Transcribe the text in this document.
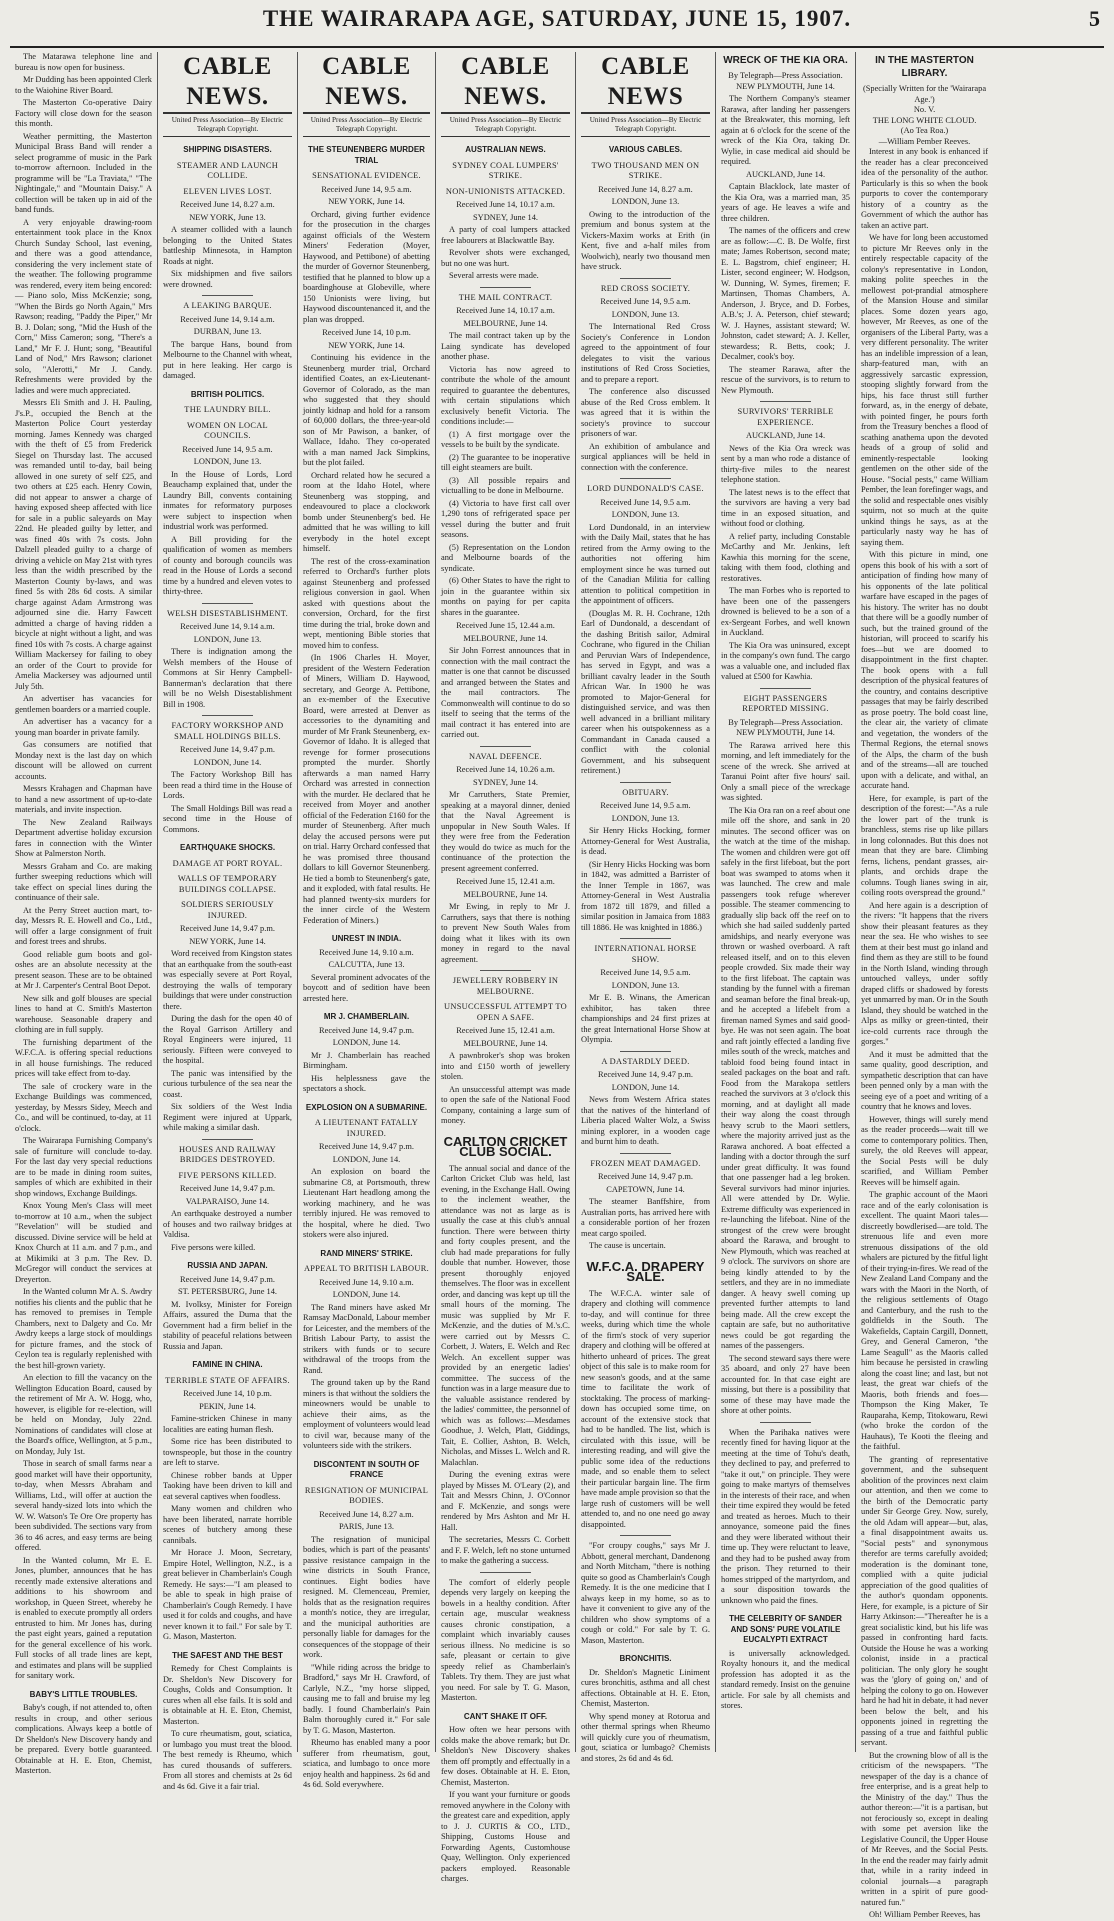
THE WAIRARAPA AGE, SATURDAY, JUNE 15, 1907.	5

The Matarawa telephone line and bureau is now open for business.

Mr Dudding has been appointed Clerk to the Waiohine River Board.

The Masterton Co-operative Dairy Factory will close down for the season this month.

Weather permitting, the Masterton Municipal Brass Band will render a select programme of music in the Park to-morrow afternoon. Included in the programme will be "La Traviata," "The Nightingale," and "Mountain Daisy." A collection will be taken up in aid of the band funds.

A very enjoyable drawing-room entertainment took place in the Knox Church Sunday School, last evening, and there was a good attendance, considering the very inclement state of the weather. The following programme was rendered, every item being encored:— Piano solo, Miss McKenzie; song, "When the Birds go North Again," Mrs Rawson; reading, "Paddy the Piper," Mr B. J. Dolan; song, "Mid the Hush of the Corn," Miss Cameron; song, "There's a Land," Mr F. J. Hunt; song, "Beautiful Land of Nod," Mrs Rawson; clarionet solo, "Alerotti," Mr J. Candy. Refreshments were provided by the ladies and were much appreciated.

Messrs Eli Smith and J. H. Pauling, J's.P., occupied the Bench at the Masterton Police Court yesterday morning. James Kennedy was charged with the theft of £5 from Frederick Siegel on Thursday last. The accused was remanded until to-day, bail being allowed in one surety of self £25, and two others at £25 each. Henry Cowin, did not appear to answer a charge of having exposed sheep affected with lice for sale in a public saleyards on May 22nd. He pleaded guilty by letter, and was fined 40s with 7s costs. John Dalzell pleaded guilty to a charge of driving a vehicle on May 21st with tyres less than the width prescribed by the Masterton County by-laws, and was fined 5s with 28s 6d costs. A similar charge against Adam Armstrong was adjourned sine die. Harry Fawcett admitted a charge of having ridden a bicycle at night without a light, and was fined 10s with 7s costs. A charge against William Mackersey for failing to obey an order of the Court to provide for Amelia Mackersey was adjourned until July 5th.

An advertiser has vacancies for gentlemen boarders or a married couple.

An advertiser has a vacancy for a young man boarder in private family.

Gas consumers are notified that Monday next is the last day on which discount will be allowed on current accounts.

Messrs Krahagen and Chapman have to hand a new assortment of up-to-date materials, and invite inspection.

The New Zealand Railways Department advertise holiday excursion fares in connection with the Winter Show at Palmerston North.

Messrs Graham and Co. are making further sweeping reductions which will take effect on special lines during the continuance of their sale.

At the Perry Street auction mart, to-day, Messrs R. E. Howell and Co., Ltd., will offer a large consignment of fruit and forest trees and shrubs.

Good reliable gum boots and gol-oshes are an absolute necessity at the present season. These are to be obtained at Mr J. Carpenter's Central Boot Depot.

New silk and golf blouses are special lines to hand at C. Smith's Masterton warehouse. Seasonable drapery and clothing are in full supply.

The furnishing department of the W.F.C.A. is offering special reductions in all house furnishings. The reduced prices will take effect from to-day.

The sale of crockery ware in the Exchange Buildings was commenced, yesterday, by Messrs Sidey, Meech and Co., and will be continued, to-day, at 11 o'clock.

The Wairarapa Furnishing Company's sale of furniture will conclude to-day. For the last day very special reductions are to be made in dining room suites, samples of which are exhibited in their shop windows, Exchange Buildings.

Knox Young Men's Class will meet to-morrow at 10 a.m., when the subject "Revelation" will be studied and discussed. Divine service will be held at Knox Church at 11 a.m. and 7 p.m., and at Mikimiki at 3 p.m. The Rev. D. McGregor will conduct the services at Dreyerton.

In the Wanted column Mr A. S. Awdry notifies his clients and the public that he has removed to premises in Temple Chambers, next to Dalgety and Co. Mr Awdry keeps a large stock of mouldings for picture frames, and the stock of Ceylon tea is regularly replenished with the best hill-grown variety.

An election to fill the vacancy on the Wellington Education Board, caused by the retirement of Mr A. W. Hogg, who, however, is eligible for re-election, will be held on Monday, July 22nd. Nominations of candidates will close at the Board's office, Wellington, at 5 p.m., on Monday, July 1st.

Those in search of small farms near a good market will have their opportunity, to-day, when Messrs Abraham and Williams, Ltd., will offer at auction the several handy-sized lots into which the W. W. Watson's Te Ore Ore property has been subdivided. The sections vary from 36 to 46 acres, and easy terms are being offered.

In the Wanted column, Mr E. E. Jones, plumber, announces that he has recently made extensive alterations and additions to his showroom and workshop, in Queen Street, whereby he is enabled to execute promptly all orders entrusted to him. Mr Jones has, during the past eight years, gained a reputation for the general excellence of his work. Full stocks of all trade lines are kept, and estimates and plans will be supplied for sanitary work.

BABY'S LITTLE TROUBLES.

Baby's cough, if not attended to, often results in croup, and other serious complications. Always keep a bottle of Dr Sheldon's New Discovery handy and be prepared. Every bottle guaranteed. Obtainable at H. E. Eton, Chemist, Masterton.

CABLE NEWS.
United Press Association—By Electric Telegraph Copyright.
SHIPPING DISASTERS.
STEAMER AND LAUNCH COLLIDE.
ELEVEN LIVES LOST.
Received June 14, 8.27 a.m.
NEW YORK, June 13.

A steamer collided with a launch belonging to the United States battleship Minnesota, in Hampton Roads at night.

Six midshipmen and five sailors were drowned.

A LEAKING BARQUE.
Received June 14, 9.14 a.m.
DURBAN, June 13.

The barque Hans, bound from Melbourne to the Channel with wheat, put in here leaking. Her cargo is damaged.

BRITISH POLITICS.
THE LAUNDRY BILL.
WOMEN ON LOCAL COUNCILS.
Received June 14, 9.5 a.m.
LONDON, June 13.

In the House of Lords, Lord Beauchamp explained that, under the Laundry Bill, convents containing inmates for reformatory purposes were subject to inspection when industrial work was performed.

A Bill providing for the qualification of women as members of county and borough councils was read in the House of Lords a second time by a hundred and eleven votes to thirty-three.

WELSH DISESTABLISHMENT.
Received June 14, 9.14 a.m.
LONDON, June 13.

There is indignation among the Welsh members of the House of Commons at Sir Henry Campbell-Bannerman's declaration that there will be no Welsh Disestablishment Bill in 1908.

FACTORY WORKSHOP AND SMALL HOLDINGS BILLS.
Received June 14, 9.47 p.m.
LONDON, June 14.

The Factory Workshop Bill has been read a third time in the House of Lords.

The Small Holdings Bill was read a second time in the House of Commons.

EARTHQUAKE SHOCKS.
DAMAGE AT PORT ROYAL.
WALLS OF TEMPORARY BUILDINGS COLLAPSE.
SOLDIERS SERIOUSLY INJURED.
Received June 14, 9.47 p.m.
NEW YORK, June 14.

Word received from Kingston states that an earthquake from the south-east was especially severe at Port Royal, destroying the walls of temporary buildings that were under construction there.

During the dash for the open 40 of the Royal Garrison Artillery and Royal Engineers were injured, 11 seriously. Fifteen were conveyed to the hospital.

The panic was intensified by the curious turbulence of the sea near the coast.

Six soldiers of the West India Regiment were injured at Uppark, while making a similar dash.

HOUSES AND RAILWAY BRIDGES DESTROYED.
FIVE PERSONS KILLED.
Received June 14, 9.47 p.m.
VALPARAISO, June 14.

An earthquake destroyed a number of houses and two railway bridges at Valdisa.

Five persons were killed.

RUSSIA AND JAPAN.
Received June 14, 9.47 p.m.
ST. PETERSBURG, June 14.

M. Ivolksy, Minister for Foreign Affairs, assured the Duma that the Government had a firm belief in the stability of peaceful relations between Russia and Japan.

FAMINE IN CHINA.
TERRIBLE STATE OF AFFAIRS.
Received June 14, 10 p.m.
PEKIN, June 14.

Famine-stricken Chinese in many localities are eating human flesh.

Some rice has been distributed to townspeople, but those in the country are left to starve.

Chinese robber bands at Upper Taoking have been driven to kill and eat several captives when foodless.

Many women and children who have been liberated, narrate horrible scenes of butchery among these cannibals.

Mr Horace J. Moon, Secretary, Empire Hotel, Wellington, N.Z., is a great believer in Chamberlain's Cough Remedy. He says:—"I am pleased to be able to speak in high praise of Chamberlain's Cough Remedy. I have used it for colds and coughs, and have never known it to fail." For sale by T. G. Mason, Masterton.

THE SAFEST AND THE BEST

Remedy for Chest Complaints is Dr. Sheldon's New Discovery for Coughs, Colds and Consumption. It cures when all else fails. It is sold and is obtainable at H. E. Eton, Chemist, Masterton.

To cure rheumatism, gout, sciatica, or lumbago you must treat the blood. The best remedy is Rheumo, which has cured thousands of sufferers. From all stores and chemists at 2s 6d and 4s 6d. Give it a fair trial.

CABLE NEWS.
United Press Association—By Electric Telegraph Copyright.
THE STEUNENBERG MURDER TRIAL
SENSATIONAL EVIDENCE.
Received June 14, 9.5 a.m.
NEW YORK, June 14.

Orchard, giving further evidence for the prosecution in the charges against officials of the Western Miners' Federation (Moyer, Haywood, and Pettibone) of abetting the murder of Governor Steunenberg, testified that he planned to blow up a boardinghouse at Globeville, where 150 Unionists were living, but Haywood discountenanced it, and the plan was dropped.

Received June 14, 10 p.m.
NEW YORK, June 14.

Continuing his evidence in the Steunenberg murder trial, Orchard identified Coates, an ex-Lieutenant-Governor of Colorado, as the man who suggested that they should jointly kidnap and hold for a ransom of 60,000 dollars, the three-year-old son of Mr Pawison, a banker, of Wallace, Idaho. They co-operated with a man named Jack Simpkins, but the plot failed.

Orchard related how he secured a room at the Idaho Hotel, where Steunenberg was stopping, and endeavoured to place a clockwork bomb under Steunenberg's bed. He admitted that he was willing to kill everybody in the hotel except himself.

The rest of the cross-examination referred to Orchard's further plots against Steunenberg and professed religious conversion in gaol. When asked with questions about the conversion, Orchard, for the first time during the trial, broke down and wept, mentioning Bible stories that moved him to confess.

(In 1906 Charles H. Moyer, president of the Western Federation of Miners, William D. Haywood, secretary, and George A. Pettibone, an ex-member of the Executive Board, were arrested at Denver as accessories to the dynamiting and murder of Mr Frank Steunenberg, ex-Governor of Idaho. It is alleged that revenge for former prosecutions prompted the murder. Shortly afterwards a man named Harry Orchard was arrested in connection with the murder. He declared that he received from Moyer and another official of the Federation £160 for the murder of Steunenberg. After much delay the accused persons were put on trial. Harry Orchard confessed that he was promised three thousand dollars to kill Governor Steunenberg. He tied a bomb to Steunenberg's gate, and it exploded, with fatal results. He had planned twenty-six murders for the inner circle of the Western Federation of Miners.)

UNREST IN INDIA.
Received June 14, 9.10 a.m.
CALCUTTA, June 13.

Several prominent advocates of the boycott and of sedition have been arrested here.

MR J. CHAMBERLAIN.
Received June 14, 9.47 p.m.
LONDON, June 14.

Mr J. Chamberlain has reached Birmingham.

His helplessness gave the spectators a shock.

EXPLOSION ON A SUBMARINE.
A LIEUTENANT FATALLY INJURED.
Received June 14, 9.47 p.m.
LONDON, June 14.

An explosion on board the submarine C8, at Portsmouth, threw Lieutenant Hart headlong among the working machinery, and he was terribly injured. He was removed to the hospital, where he died. Two stokers were also injured.

RAND MINERS' STRIKE.
APPEAL TO BRITISH LABOUR.
Received June 14, 9.10 a.m.
LONDON, June 14.

The Rand miners have asked Mr Ramsay MacDonald, Labour member for Leicester, and the members of the British Labour Party, to assist the strikers with funds or to secure withdrawal of the troops from the Rand.

The ground taken up by the Rand miners is that without the soldiers the mineowners would be unable to achieve their aims, as the employment of volunteers would lead to civil war, because many of the volunteers side with the strikers.

DISCONTENT IN SOUTH OF FRANCE
RESIGNATION OF MUNICIPAL BODIES.
Received June 14, 8.27 a.m.
PARIS, June 13.

The resignation of municipal bodies, which is part of the peasants' passive resistance campaign in the wine districts in South France, continues. Eight bodies have resigned. M. Clemenceau, Premier, holds that as the resignation requires a month's notice, they are irregular, and the municipal authorities are personally liable for damages for the consequences of the stoppage of their work.

"While riding across the bridge to Bradford," says Mr H. Crawford, of Carlyle, N.Z., "my horse slipped, causing me to fall and bruise my leg badly. I found Chamberlain's Pain Balm thoroughly cured it." For sale by T. G. Mason, Masterton.

Rheumo has enabled many a poor sufferer from rheumatism, gout, sciatica, and lumbago to once more enjoy health and happiness. 2s 6d and 4s 6d. Sold everywhere.

CABLE NEWS.
United Press Association—By Electric Telegraph Copyright.
AUSTRALIAN NEWS.
SYDNEY COAL LUMPERS' STRIKE.
NON-UNIONISTS ATTACKED.
Received June 14, 10.17 a.m.
SYDNEY, June 14.

A party of coal lumpers attacked free labourers at Blackwattle Bay.

Revolver shots were exchanged, but no one was hurt.

Several arrests were made.

THE MAIL CONTRACT.
Received June 14, 10.17 a.m.
MELBOURNE, June 14.

The mail contract taken up by the Laing syndicate has developed another phase.

Victoria has now agreed to contribute the whole of the amount required to guarantee the debentures, with certain stipulations which exclusively benefit Victoria. The conditions include:—

(1) A first mortgage over the vessels to be built by the syndicate.

(2) The guarantee to be inoperative till eight steamers are built.

(3) All possible repairs and victualling to be done in Melbourne.

(4) Victoria to have first call over 1,290 tons of refrigerated space per vessel during the butter and fruit seasons.

(5) Representation on the London and Melbourne boards of the syndicate.

(6) Other States to have the right to join in the guarantee within six months on paying for per capita shares in the guarantee.

Received June 15, 12.44 a.m.
MELBOURNE, June 14.

Sir John Forrest announces that in connection with the mail contract the matter is one that cannot be discussed and arranged between the States and the mail contractors. The Commonwealth will continue to do so itself to seeing that the terms of the mail contract it has entered into are carried out.

NAVAL DEFENCE.
Received June 14, 10.26 a.m.
SYDNEY, June 14.

Mr Carruthers, State Premier, speaking at a mayoral dinner, denied that the Naval Agreement is unpopular in New South Wales. If they were free from the Federation they would do twice as much for the continuance of the protection the present agreement conferred.

Received June 15, 12.41 a.m.
MELBOURNE, June 14.

Mr Ewing, in reply to Mr J. Carruthers, says that there is nothing to prevent New South Wales from doing what it likes with its own money in regard to the naval agreement.

JEWELLERY ROBBERY IN MELBOURNE.
UNSUCCESSFUL ATTEMPT TO OPEN A SAFE.
Received June 15, 12.41 a.m.
MELBOURNE, June 14.

A pawnbroker's shop was broken into and £150 worth of jewellery stolen.

An unsuccessful attempt was made to open the safe of the National Food Company, containing a large sum of money.

CARLTON CRICKET CLUB SOCIAL.

The annual social and dance of the Carlton Cricket Club was held, last evening, in the Exchange Hall. Owing to the inclement weather, the attendance was not as large as is usually the case at this club's annual function. There were between thirty and forty couples present, and the club had made preparations for fully double that number. However, those present thoroughly enjoyed themselves. The floor was in excellent order, and dancing was kept up till the small hours of the morning. The music was supplied by Mr F. McKenzie, and the duties of M.'s.C. were carried out by Messrs C. Corbett, J. Waters, E. Welch and Rec Welch. An excellent supper was provided by an energetic ladies' committee. The success of the function was in a large measure due to the valuable assistance rendered by the ladies' committee, the personnel of which was as follows:—Mesdames Goodhue, J. Welch, Platt, Giddings, Tait, E. Collier, Ashton, B. Welch, Nicholas, and Misses L. Welch and R. Malachlan.

During the evening extras were played by Misses M. O'Leary (2), and Tait and Messrs Chinn, J. O'Connor and F. McKenzie, and songs were rendered by Mrs Ashton and Mr H. Hall.

The secretaries, Messrs C. Corbett and F. F. Welch, left no stone unturned to make the gathering a success.

The comfort of elderly people depends very largely on keeping the bowels in a healthy condition. After certain age, muscular weakness causes chronic constipation, a complaint which invariably causes serious illness. No medicine is so safe, pleasant or certain to give speedy relief as Chamberlain's Tablets. Try them. They are just what you need. For sale by T. G. Mason, Masterton.

CAN'T SHAKE IT OFF.

How often we hear persons with colds make the above remark; but Dr. Sheldon's New Discovery shakes them off promptly and effectually in a few doses. Obtainable at H. E. Eton, Chemist, Masterton.

If you want your furniture or goods removed anywhere in the Colony with the greatest care and expedition, apply to J. J. CURTIS & CO., LTD., Shipping, Customs House and Forwarding Agents, Customhouse Quay, Wellington. Only experienced packers employed. Reasonable charges.

CABLE NEWS
United Press Association—By Electric Telegraph Copyright.
VARIOUS CABLES.
TWO THOUSAND MEN ON STRIKE.
Received June 14, 8.27 a.m.
LONDON, June 13.

Owing to the introduction of the premium and bonus system at the Vickers-Maxim works at Erith (in Kent, five and a-half miles from Woolwich), nearly two thousand men have struck.

RED CROSS SOCIETY.
Received June 14, 9.5 a.m.
LONDON, June 13.

The International Red Cross Society's Conference in London agreed to the appointment of four delegates to visit the various institutions of Red Cross Societies, and to prepare a report.

The conference also discussed abuse of the Red Cross emblem. It was agreed that it is within the society's province to succour prisoners of war.

An exhibition of ambulance and surgical appliances will be held in connection with the conference.

LORD DUNDONALD'S CASE.
Received June 14, 9.5 a.m.
LONDON, June 13.

Lord Dundonald, in an interview with the Daily Mail, states that he has retired from the Army owing to the authorities not offering him employment since he was turned out of the Canadian Militia for calling attention to political competition in the appointment of officers.

(Douglas M. R. H. Cochrane, 12th Earl of Dundonald, a descendant of the dashing British sailor, Admiral Cochrane, who figured in the Chilian and Peruvian Wars of Independence, has served in Egypt, and was a brilliant cavalry leader in the South African War. In 1900 he was promoted to Major-General for distinguished service, and was then well advanced in a brilliant military career when his outspokenness as a Commandant in Canada caused a conflict with the colonial Government, and his subsequent retirement.)

OBITUARY.
Received June 14, 9.5 a.m.
LONDON, June 13.

Sir Henry Hicks Hocking, former Attorney-General for West Australia, is dead.

(Sir Henry Hicks Hocking was born in 1842, was admitted a Barrister of the Inner Temple in 1867, was Attorney-General in West Australia from 1872 till 1879, and filled a similar position in Jamaica from 1883 till 1886. He was knighted in 1886.)

INTERNATIONAL HORSE SHOW.
Received June 14, 9.5 a.m.
LONDON, June 13.

Mr E. B. Winans, the American exhibitor, has taken three championships and 24 first prizes at the great International Horse Show at Olympia.

A DASTARDLY DEED.
Received June 14, 9.47 p.m.
LONDON, June 14.

News from Western Africa states that the natives of the hinterland of Liberia placed Walter Wolz, a Swiss mining explorer, in a wooden cage and burnt him to death.

FROZEN MEAT DAMAGED.
Received June 14, 9.47 p.m.
CAPETOWN, June 14.

The steamer Banffshire, from Australian ports, has arrived here with a considerable portion of her frozen meat cargo spoiled.

The cause is uncertain.

W.F.C.A. DRAPERY SALE.

The W.F.C.A. winter sale of drapery and clothing will commence to-day, and will continue for three weeks, during which time the whole of the firm's stock of very superior drapery and clothing will be offered at hitherto unheard of prices. The great object of this sale is to make room for new season's goods, and at the same time to facilitate the work of stocktaking. The process of marking-down has occupied some time, on account of the extensive stock that had to be handled. The list, which is circulated with this issue, will be interesting reading, and will give the public some idea of the reductions made, and so enable them to select their particular bargain line. The firm have made ample provision so that the large rush of customers will be well attended to, and no one need go away disappointed.

"For croupy coughs," says Mr J. Abbott, general merchant, Dandenong and North Mitcham, "there is nothing quite so good as Chamberlain's Cough Remedy. It is the one medicine that I always keep in my home, so as to have it convenient to give any of the children who show symptoms of a cough or cold." For sale by T. G. Mason, Masterton.

BRONCHITIS.

Dr. Sheldon's Magnetic Liniment cures bronchitis, asthma and all chest affections. Obtainable at H. E. Eton, Chemist, Masterton.

Why spend money at Rotorua and other thermal springs when Rheumo will quickly cure you of rheumatism, gout, sciatica or lumbago? Chemists and stores, 2s 6d and 4s 6d.

WRECK OF THE KIA ORA.
By Telegraph—Press Association.
NEW PLYMOUTH, June 14.

The Northern Company's steamer Rarawa, after landing her passengers at the Breakwater, this morning, left again at 6 o'clock for the scene of the wreck of the Kia Ora, taking Dr. Wylie, in case medical aid should be required.

AUCKLAND, June 14.

Captain Blacklock, late master of the Kia Ora, was a married man, 35 years of age. He leaves a wife and three children.

The names of the officers and crew are as follow:—C. B. De Wolfe, first mate; James Robertson, second mate; E. L. Bagstrom, chief engineer; H. Lister, second engineer; W. Hodgson, W. Dunning, W. Symes, firemen; F. Martinsen, Thomas Chambers, A. Anderson, J. Bryce, and D. Forbes, A.B.'s; J. A. Peterson, chief steward; W. J. Haynes, assistant steward; W. Johnston, cadet steward; A. J. Keller, stewardess; R. Betts, cook; J. Decalmer, cook's boy.

The steamer Rarawa, after the rescue of the survivors, is to return to New Plymouth.

SURVIVORS' TERRIBLE EXPERIENCE.
AUCKLAND, June 14.

News of the Kia Ora wreck was sent by a man who rode a distance of thirty-five miles to the nearest telephone station.

The latest news is to the effect that the survivors are having a very bad time in an exposed situation, and without food or clothing.

A relief party, including Constable McCarthy and Mr. Jenkins, left Kawhia this morning for the scene, taking with them food, clothing and restoratives.

The man Forbes who is reported to have been one of the passengers drowned is believed to be a son of a ex-Sergeant Forbes, and well known in Auckland.

The Kia Ora was uninsured, except in the company's own fund. The cargo was a valuable one, and included flax valued at £500 for Kawhia.

EIGHT PASSENGERS REPORTED MISSING.
By Telegraph—Press Association.
NEW PLYMOUTH, June 14.

The Rarawa arrived here this morning, and left immediately for the scene of the wreck. She arrived at Taranui Point after five hours' sail. Only a small piece of the wreckage was sighted.

The Kia Ora ran on a reef about one mile off the shore, and sank in 20 minutes. The second officer was on the watch at the time of the mishap. The women and children were got off safely in the first lifeboat, but the port boat was swamped to atoms when it was launched. The crew and male passengers took refuge wherever possible. The steamer commencing to gradually slip back off the reef on to which she had sailed suddenly parted amidships, and nearly everyone was thrown or washed overboard. A raft released itself, and on to this eleven people crowded. Six made their way to the first lifeboat. The captain was standing by the funnel with a fireman and seaman before the final break-up, and he accepted a lifebelt from a fireman named Symes and said good-bye. He was not seen again. The boat and raft jointly effected a landing five miles south of the wreck, matches and tabloid food being found intact in sealed packages on the boat and raft. Food from the Marakopa settlers reached the survivors at 3 o'clock this morning, and at daylight all made their way along the coast through heavy scrub to the Maori settlers, where the majority arrived just as the Rarawa anchored. A boat effected a landing with a doctor through the surf under great difficulty. It was found that one passenger had a leg broken. Several survivors had minor injuries. All were attended by Dr. Wylie. Extreme difficulty was experienced in re-launching the lifeboat. Nine of the strongest of the crew were brought aboard the Rarawa, and brought to New Plymouth, which was reached at 9 o'clock. The survivors on shore are being kindly attended to by the settlers, and they are in no immediate danger. A heavy swell coming up prevented further attempts to land being made. All the crew except the captain are safe, but no authoritative news could be got regarding the names of the passengers.

The second steward says there were 35 aboard, and only 27 have been accounted for. In that case eight are missing, but there is a possibility that some of these may have made the shore at other points.

When the Parihaka natives were recently fined for having liquor at the meeting at the time of Tohu's death, they declined to pay, and preferred to "take it out," on principle. They were going to make martyrs of themselves in the interests of their race, and when their time expired they would be feted and treated as heroes. Much to their annoyance, someone paid the fines and they were liberated without their time up. They were reluctant to leave, and they had to be pushed away from the prison. They returned to their homes stripped of the martyrdom, and a sour disposition towards the unknown who paid the fines.

THE CELEBRITY OF SANDER AND SONS' PURE VOLATILE EUCALYPTI EXTRACT

is universally acknowledged. Royalty honours it, and the medical profession has adopted it as the standard remedy. Insist on the genuine article. For sale by all chemists and stores.

IN THE MASTERTON LIBRARY.
(Specially Written for the 'Wairarapa Age.')
No. V.
THE LONG WHITE CLOUD.
(Ao Tea Roa.)
—William Pember Reeves.

Interest in any book is enhanced if the reader has a clear preconceived idea of the personality of the author. Particularly is this so when the book purports to cover the contemporary history of a country as the Government of which the author has taken an active part.

We have for long been accustomed to picture Mr Reeves only in the entirely respectable capacity of the colony's representative in London, making polite speeches in the mellowest pot-prandial atmosphere of the Mansion House and similar places. Some dozen years ago, however, Mr Reeves, as one of the organisers of the Liberal Party, was a very different personality. The writer has an indelible impression of a lean, sharp-featured man, with an aggressively sarcastic expression, stooping slightly forward from the hips, his face thrust still further forward, as, in the energy of debate, with pointed finger, he pours forth from the Treasury benches a flood of scathing anathema upon the devoted heads of a group of solid and eminently-respectable looking gentlemen on the other side of the House. "Social pests," came William Pember, the lean forefinger wags, and the solid and respectable ones visibly squirm, not so much at the quite unkind things he says, as at the particularly nasty way he has of saying them.

With this picture in mind, one opens this book of his with a sort of anticipation of finding how many of his opponents of the late political warfare have escaped in the pages of his history. The writer has no doubt that there will be a goodly number of such, but the trained ground of the historian, will proceed to scarify his foes—but we are doomed to disappointment in the first chapter. The book opens with a full description of the physical features of the country, and contains descriptive passages that may be fairly described as prose poetry. The bold coast line, the clear air, the variety of climate and vegetation, the wonders of the Thermal Regions, the eternal snows of the Alps, the charm of the bush and of the streams—all are touched upon with a delicate, and withal, an accurate hand.

Here, for example, is part of the description of the forest:—"As a rule the lower part of the trunk is branchless, stems rise up like pillars in long colonnades. But this does not mean that they are bare. Climbing ferns, lichens, pendant grasses, air-plants, and orchids drape the columns. Tough lianes swing in air, coiling roots overspread the ground."

And here again is a description of the rivers: "It happens that the rivers show their pleasant features as they near the sea. He who wishes to see them at their best must go inland and find them as they are still to be found in the North Island, winding through untouched valleys, under softly draped cliffs or shadowed by forests yet unmarred by man. Or in the South Island, they should be watched in the Alps as milky or green-tinted, their ice-cold currents race through the gorges."

And it must be admitted that the same quality, good description, and sympathetic description that can have been penned only by a man with the seeing eye of a poet and writing of a country that he knows and loves.

However, things will surely mend as the reader proceeds—wait till we come to contemporary politics. Then, surely, the old Reeves will appear, the Social Pests will be duly scarified, and William Pember Reeves will be himself again.

The graphic account of the Maori race and of the early colonisation is excellent. The quaint Maori tales—discreetly bowdlerised—are told. The strenuous life and even more strenuous dissipations of the old whalers are pictured by the fitful light of their trying-in-fires. We read of the New Zealand Land Company and the wars with the Maori in the North, of the religious settlements of Otago and Canterbury, and the rush to the goldfields in the South. The Wakefields, Captain Cargill, Donnett, Grey, and General Cameron, "the Lame Seagull" as the Maoris called him because he persisted in crawling along the coast line; and last, but not least, the great war chiefs of the Maoris, both friends and foes—Thompson the King Maker, Te Rauparaha, Kemp, Titokowaru, Rewi (who broke the cordon of the Hauhaus), Te Kooti the fleeing and the faithful.

The granting of representative government, and the subsequent abolition of the provinces next claim our attention, and then we come to the birth of the Democratic party under Sir George Grey. Now, surely, the old Adam will appear—but, alas, a final disappointment awaits us. "Social pests" and synonymous therefor are terms carefully avoided; moderation is the dominant tone, complied with a quite judicial appreciation of the good qualities of the author's quondam opponents. Here, for example, is a picture of Sir Harry Atkinson:—"Thereafter he is a great socialistic kind, but his life was passed in confronting hard facts. Outside the House he was a working colonist, inside in a practical politician. The only glory he sought was the 'glory of going on,' and of helping the colony to go on. However hard he had hit in debate, it had never been below the belt, and his opponents joined in regretting the passing of a true and faithful public servant.

But the crowning blow of all is the criticism of the newspapers. "The newspaper of the day is a chance of free enterprise, and is a great help to the Ministry of the day." Thus the author thereon:—"it is a partisan, but not ferociously so, except in dealing with some pet aversion like the Legislative Council, the Upper House of Mr Reeves, and the Social Pests. In the end the reader may fairly admit that, while in a rarity indeed in colonial journals—a paragraph written in a spirit of pure good-natured fun."

Oh! William Pember Reeves, has
